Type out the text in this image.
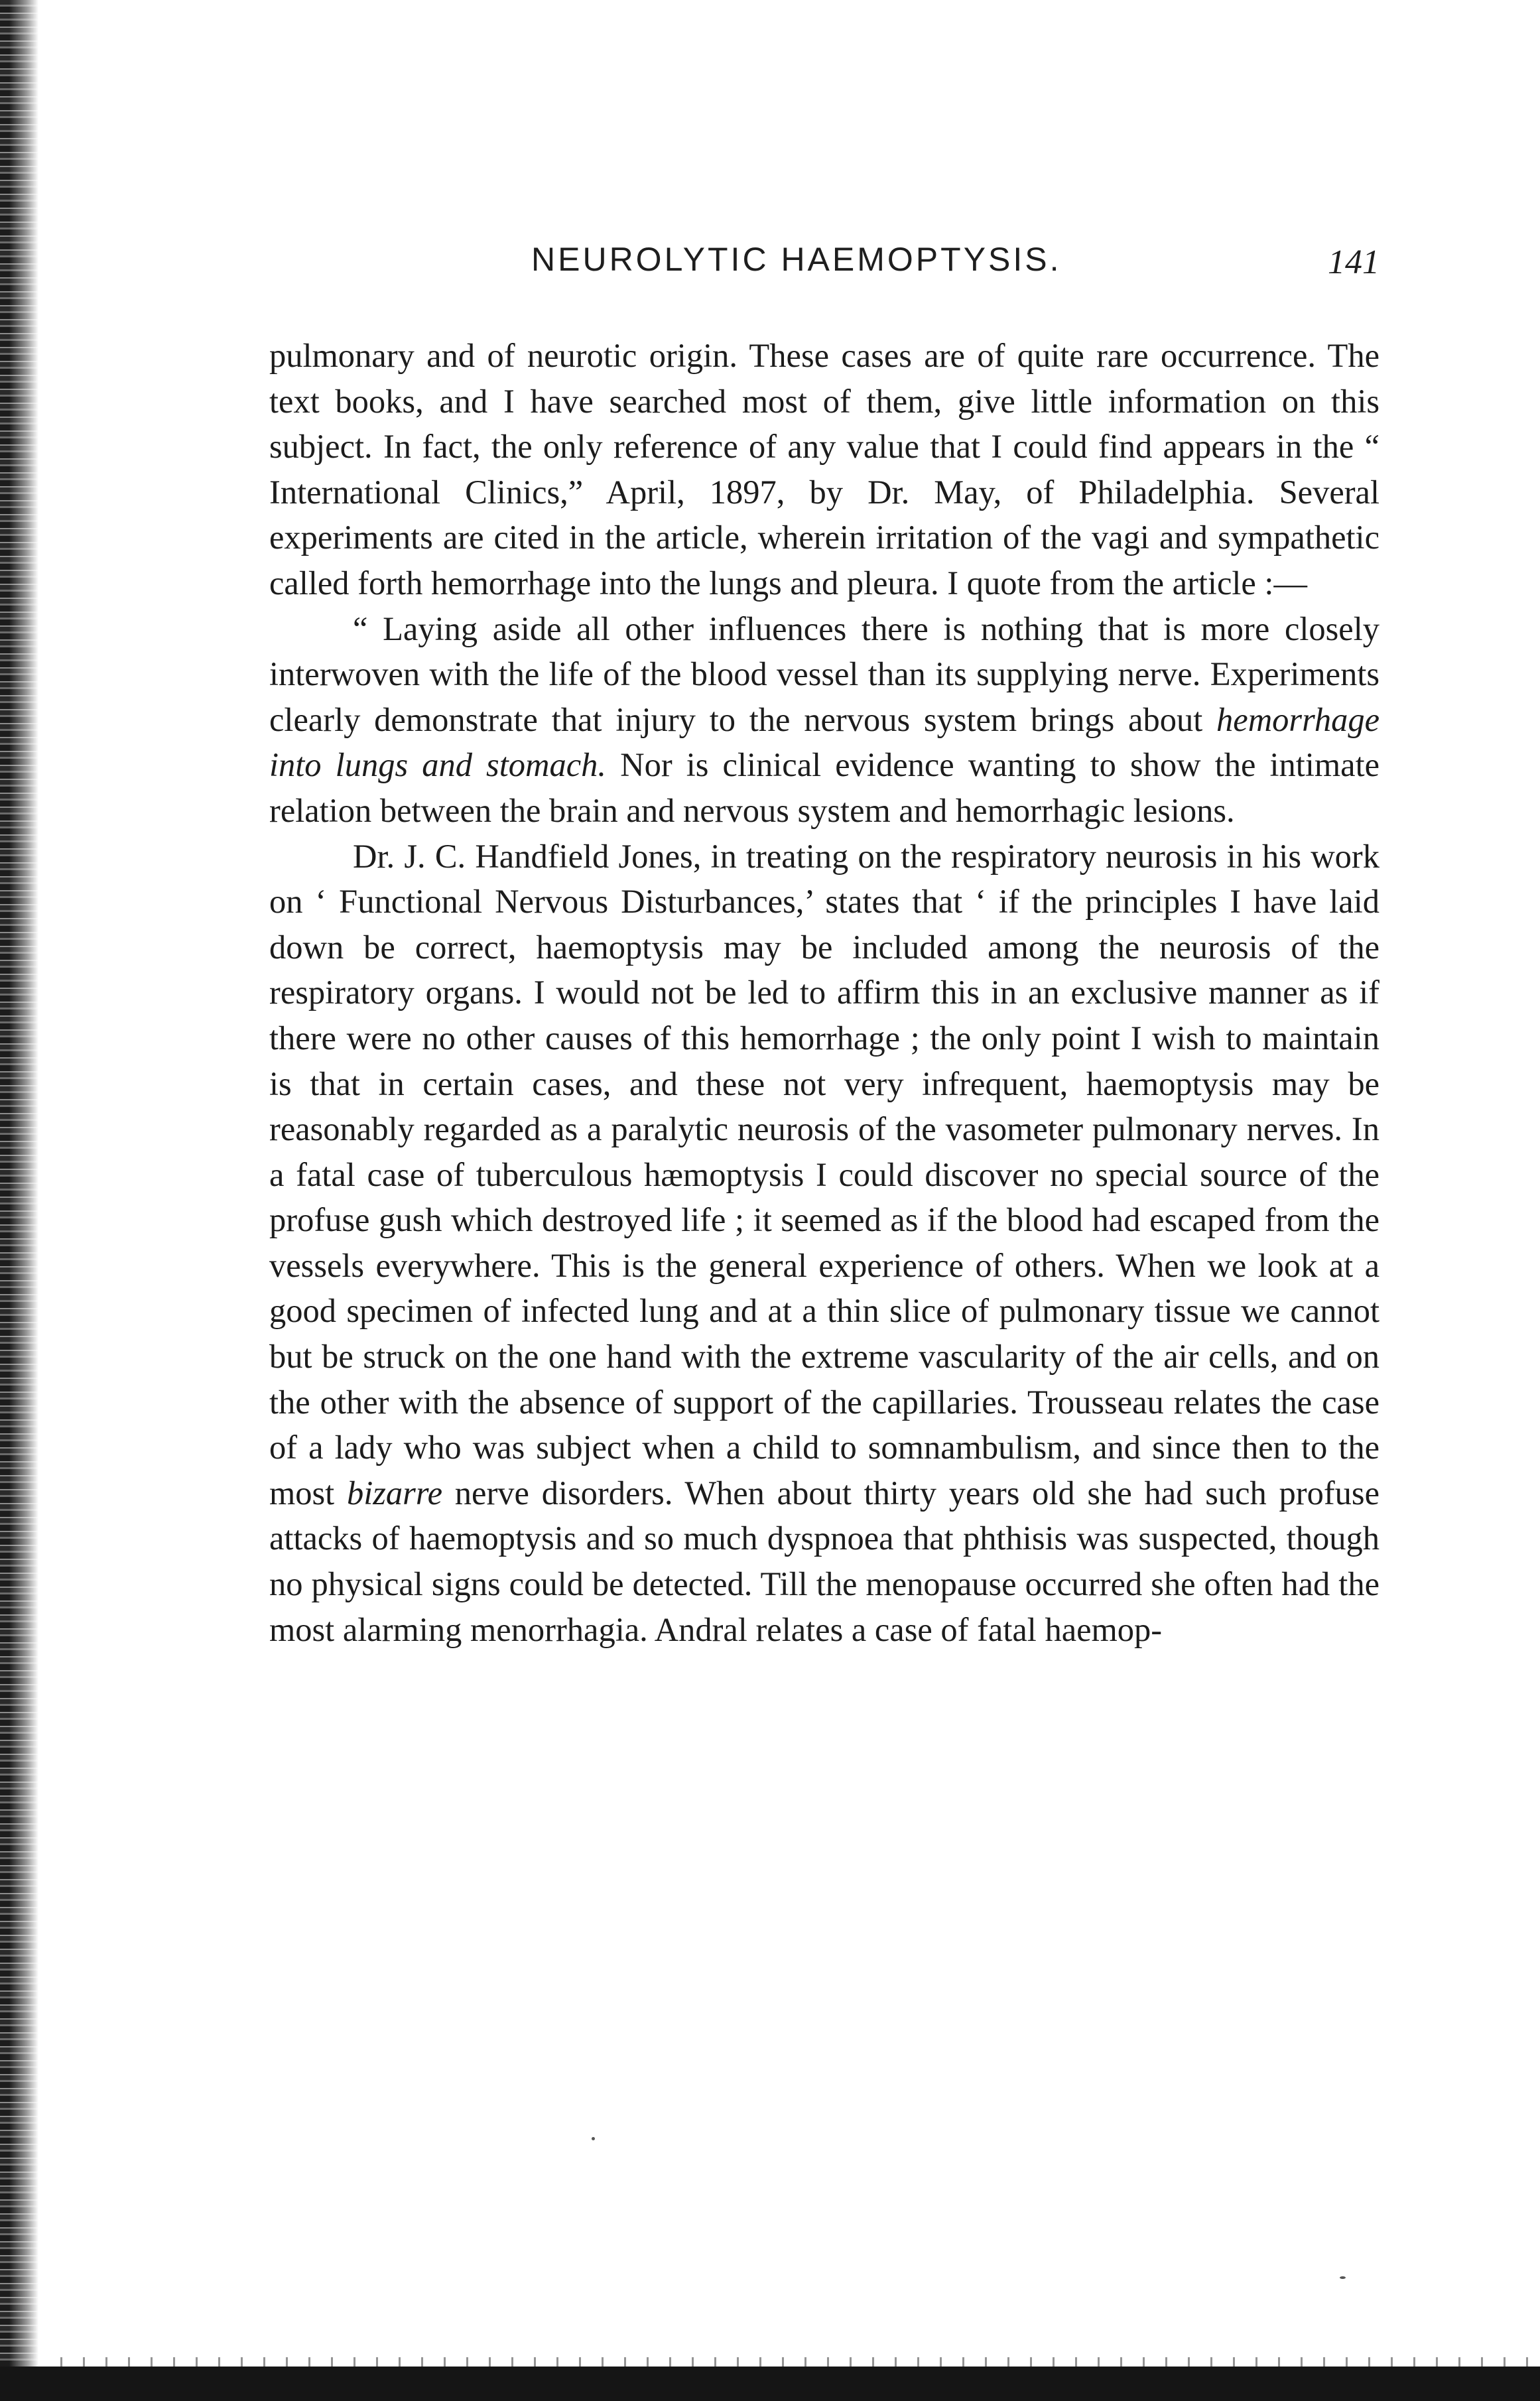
NEUROLYTIC HAEMOPTYSIS.	141

pulmonary and of neurotic origin. These cases are of quite rare occurrence. The text books, and I have searched most of them, give little information on this subject. In fact, the only reference of any value that I could find appears in the “ International Clinics,” April, 1897, by Dr. May, of Philadelphia. Several experiments are cited in the article, wherein irritation of the vagi and sympathetic called forth hemorrhage into the lungs and pleura. I quote from the article :—

“ Laying aside all other influences there is nothing that is more closely interwoven with the life of the blood vessel than its supplying nerve. Experiments clearly demonstrate that injury to the nervous system brings about hemorrhage into lungs and stomach. Nor is clinical evidence wanting to show the intimate relation between the brain and nervous system and hemorrhagic lesions.

Dr. J. C. Handfield Jones, in treating on the respiratory neurosis in his work on ‘ Functional Nervous Disturbances,’ states that ‘ if the principles I have laid down be correct, haemoptysis may be included among the neurosis of the respiratory organs. I would not be led to affirm this in an exclusive manner as if there were no other causes of this hemorrhage ; the only point I wish to maintain is that in certain cases, and these not very infrequent, haemoptysis may be reasonably regarded as a paralytic neurosis of the vasometer pulmonary nerves. In a fatal case of tuberculous hæmoptysis I could discover no special source of the profuse gush which destroyed life ; it seemed as if the blood had escaped from the vessels everywhere. This is the general experience of others. When we look at a good specimen of infected lung and at a thin slice of pulmonary tissue we cannot but be struck on the one hand with the extreme vascularity of the air cells, and on the other with the absence of support of the capillaries. Trousseau relates the case of a lady who was subject when a child to somnambulism, and since then to the most bizarre nerve disorders. When about thirty years old she had such profuse attacks of haemoptysis and so much dyspnoea that phthisis was suspected, though no physical signs could be detected. Till the menopause occurred she often had the most alarming menorrhagia. Andral relates a case of fatal haemop-
